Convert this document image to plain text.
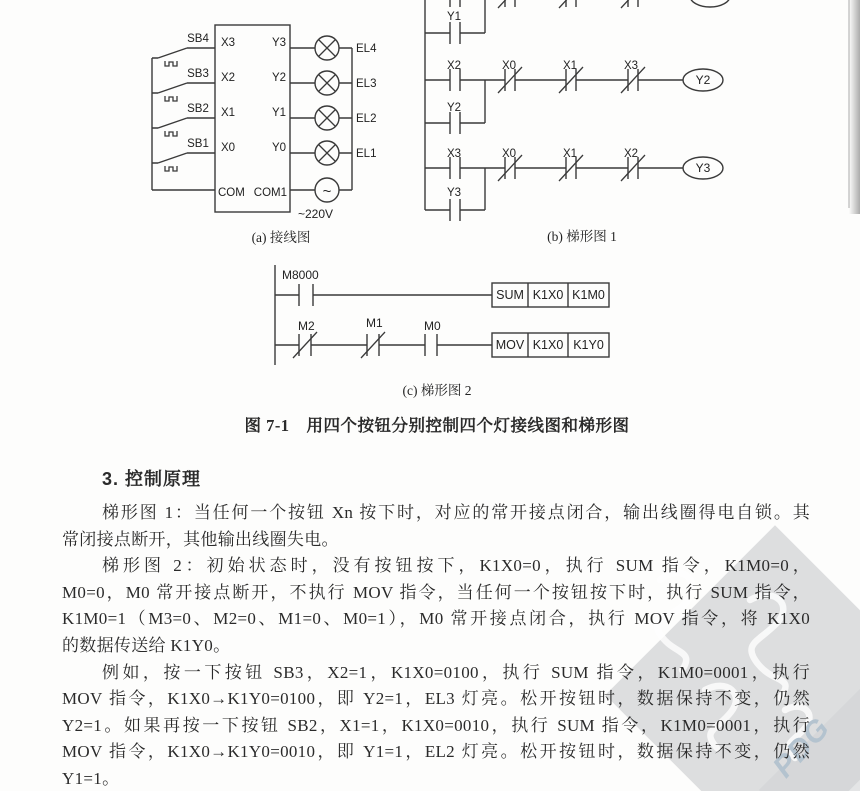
PDG
~
SB4
SB3
SB2
SB1
X3
X2
X1
X0
COM
Y3
Y2
Y1
Y0
COM1
EL4
EL3
EL2
EL1
~220V
(a) 接线图
Y1
Y2
X2	X0	X1	X3
Y2
Y3
X3	X0	X1	X2
Y3
(b) 梯形图 1
M8000
SUM K1X0 K1M0
M2	M1	M0
MOV K1X0 K1Y0
(c) 梯形图 2
图 7-1　用四个按钮分别控制四个灯接线图和梯形图
3. 控制原理
梯形图 1：当任何一个按钮 Xn 按下时，对应的常开接点闭合，输出线圈得电自锁。其
常闭接点断开，其他输出线圈失电。
梯形图 2：初始状态时，没有按钮按下，K1X0=0，执行 SUM 指令，K1M0=0，
M0=0，M0 常开接点断开，不执行 MOV 指令，当任何一个按钮按下时，执行 SUM 指令，
K1M0=1（M3=0、M2=0、M1=0、M0=1），M0 常开接点闭合，执行 MOV 指令，将 K1X0
的数据传送给 K1Y0。
例如，按一下按钮 SB3，X2=1，K1X0=0100，执行 SUM 指令，K1M0=0001，执行
MOV 指令，K1X0→K1Y0=0100，即 Y2=1，EL3 灯亮。松开按钮时，数据保持不变，仍然
Y2=1。如果再按一下按钮 SB2，X1=1，K1X0=0010，执行 SUM 指令，K1M0=0001，执行
MOV 指令，K1X0→K1Y0=0010，即 Y1=1，EL2 灯亮。松开按钮时，数据保持不变，仍然
Y1=1。
